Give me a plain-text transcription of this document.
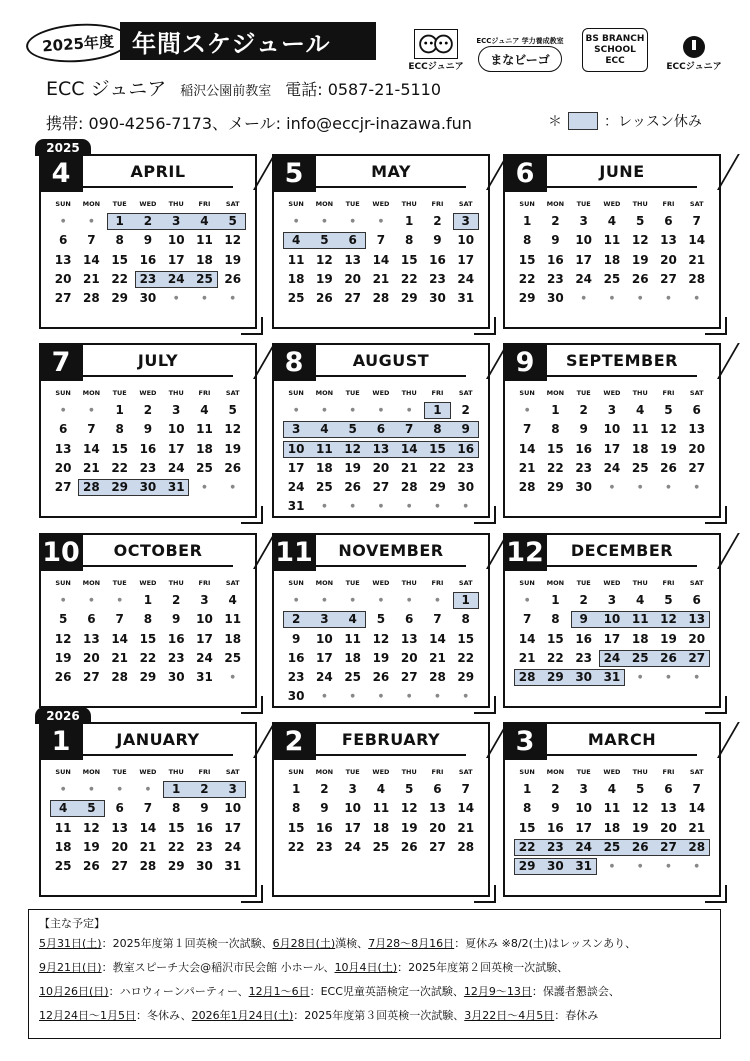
2025年度 年間スケジュール
ECCジュニア
ECCジュニア 学力養成教室
まなビーゴ
BS BRANCH SCHOOL ECC
ECCジュニア
ECC ジュニア 稲沢公園前教室 電話: 0587-21-5110
携帯: 090-4256-7173、メール: info@eccjr-inazawa.fun	＊	：レッスン休み
2025
4	APRIL
SUN	MON	TUE	WED	THU	FRI	SAT
●	●	1	2	3	4	5
6	7	8	9	10 11 12
13 14 15 16 17 18 19
20 21 22 23 24 25 26
27 28 29 30	●	●	●
5	MAY
SUN	MON	TUE	WED	THU	FRI	SAT
●	●	●	●	1	2	3
4	5	6	7	8	9	10
11 12 13 14 15 16 17
18 19 20 21 22 23 24
25 26 27 28 29 30 31
6	JUNE
SUN	MON	TUE	WED	THU	FRI	SAT
1	2	3	4	5	6	7
8	9	10 11 12 13 14
15 16 17 18 19 20 21
22 23 24 25 26 27 28
29 30	●	●	●	●	●
7	JULY
SUN	MON	TUE	WED	THU	FRI	SAT
●	●	1	2	3	4	5
6	7	8	9	10 11 12
13 14 15 16 17 18 19
20 21 22 23 24 25 26
27 28 29 30 31	●	●
8	AUGUST
SUN	MON	TUE	WED	THU	FRI	SAT
●	●	●	●	●	1	2
3	4	5	6	7	8	9
10 11 12 13 14 15 16
17 18 19 20 21 22 23
24 25 26 27 28 29 30
31	●	●	●	●	●	●
9	SEPTEMBER
SUN	MON	TUE	WED	THU	FRI	SAT
●	1	2	3	4	5	6
7	8	9	10 11 12 13
14 15 16 17 18 19 20
21 22 23 24 25 26 27
28 29 30	●	●	●	●
10	OCTOBER
SUN	MON	TUE	WED	THU	FRI	SAT
●	●	●	1	2	3	4
5	6	7	8	9	10 11
12 13 14 15 16 17 18
19 20 21 22 23 24 25
26 27 28 29 30 31	●
11	NOVEMBER
SUN	MON	TUE	WED	THU	FRI	SAT
●	●	●	●	●	●	1
2	3	4	5	6	7	8
9	10 11 12 13 14 15
16 17 18 19 20 21 22
23 24 25 26 27 28 29
30	●	●	●	●	●	●
12	DECEMBER
SUN	MON	TUE	WED	THU	FRI	SAT
●	1	2	3	4	5	6
7	8	9	10 11 12 13
14 15 16 17 18 19 20
21 22 23 24 25 26 27
28 29 30 31	●	●	●
2026
1	JANUARY
SUN	MON	TUE	WED	THU	FRI	SAT
●	●	●	●	1	2	3
4	5	6	7	8	9	10
11 12 13 14 15 16 17
18 19 20 21 22 23 24
25 26 27 28 29 30 31
2	FEBRUARY
SUN	MON	TUE	WED	THU	FRI	SAT
1	2	3	4	5	6	7
8	9	10 11 12 13 14
15 16 17 18 19 20 21
22 23 24 25 26 27 28
3	MARCH
SUN	MON	TUE	WED	THU	FRI	SAT
1	2	3	4	5	6	7
8	9	10 11 12 13 14
15 16 17 18 19 20 21
22 23 24 25 26 27 28
29 30 31	●	●	●	●
【主な予定】
5月31日(土)：2025年度第１回英検一次試験、6月28日(土)漢検、7月28〜8月16日：夏休み ※8/2(土)はレッスンあり、
9月21日(日)：教室スピーチ大会@稲沢市民会館 小ホール、10月4日(土)：2025年度第２回英検一次試験、
10月26日(日)：ハロウィーンパーティー、12月1〜6日：ECC児童英語検定一次試験、12月9〜13日：保護者懇談会、
12月24日〜1月5日：冬休み、2026年1月24日(土)：2025年度第３回英検一次試験、3月22日〜4月5日：春休み
